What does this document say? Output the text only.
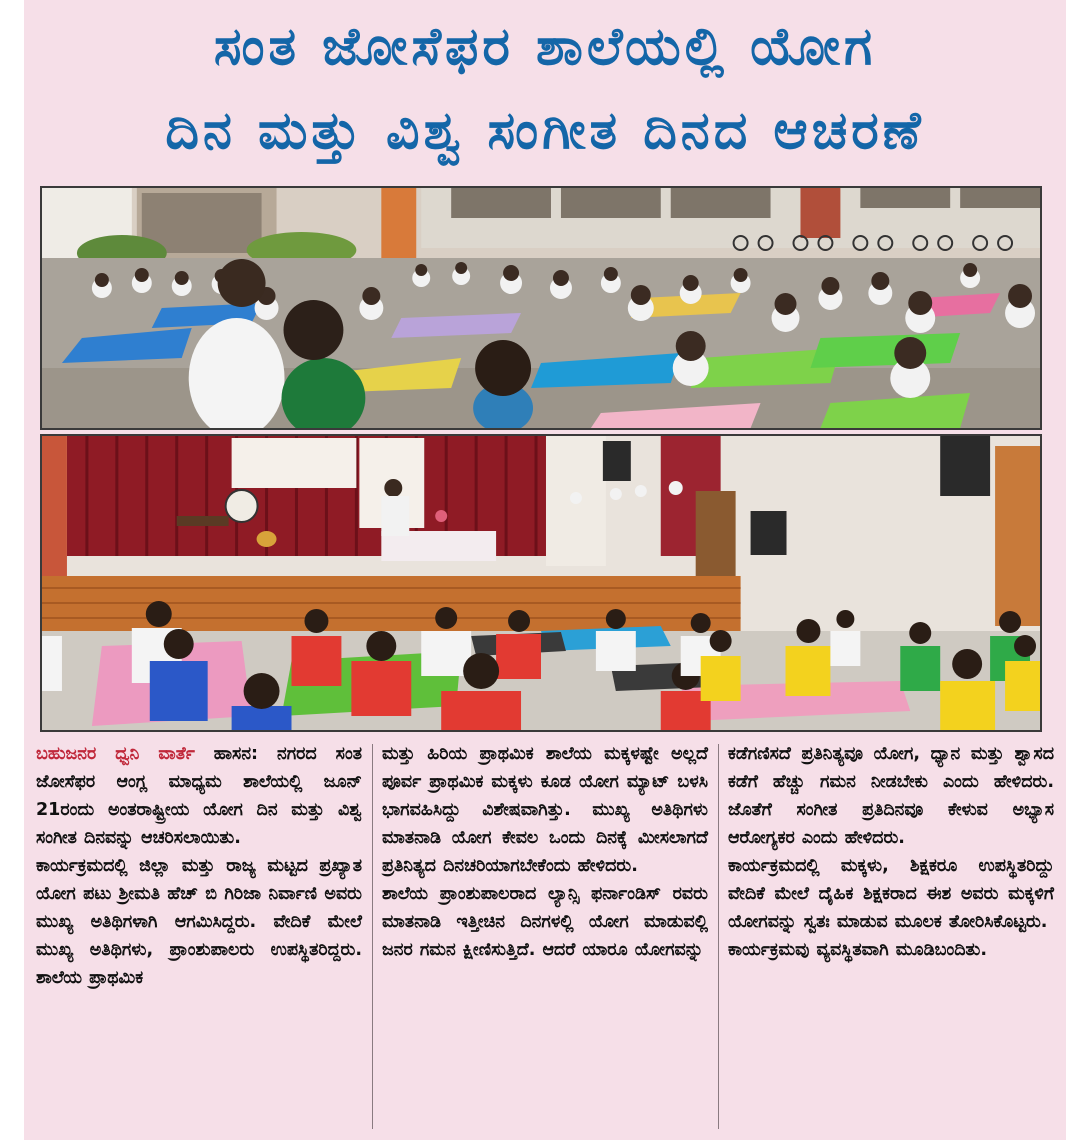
ಸಂತ ಜೋಸೆಫರ ಶಾಲೆಯಲ್ಲಿ ಯೋಗ
ದಿನ ಮತ್ತು ವಿಶ್ವ ಸಂಗೀತ ದಿನದ ಆಚರಣೆ

ಬಹುಜನರ ಧ್ವನಿ ವಾರ್ತೆ ಹಾಸನ: ನಗರದ ಸಂತ ಜೋಸೆಫರ ಆಂಗ್ಲ ಮಾಧ್ಯಮ ಶಾಲೆಯಲ್ಲಿ ಜೂನ್ 21ರಂದು ಅಂತರಾಷ್ಟ್ರೀಯ ಯೋಗ ದಿನ ಮತ್ತು ವಿಶ್ವ ಸಂಗೀತ ದಿನವನ್ನು ಆಚರಿಸಲಾಯಿತು.

ಕಾರ್ಯಕ್ರಮದಲ್ಲಿ ಜಿಲ್ಲಾ ಮತ್ತು ರಾಜ್ಯ ಮಟ್ಟದ ಪ್ರಖ್ಯಾತ ಯೋಗ ಪಟು ಶ್ರೀಮತಿ ಹೆಚ್ ಬಿ ಗಿರಿಜಾ ನಿರ್ವಾಣಿ ಅವರು ಮುಖ್ಯ ಅತಿಥಿಗಳಾಗಿ ಆಗಮಿಸಿದ್ದರು. ವೇದಿಕೆ ಮೇಲೆ ಮುಖ್ಯ ಅತಿಥಿಗಳು, ಪ್ರಾಂಶುಪಾಲರು ಉಪಸ್ಥಿತರಿದ್ದರು. ಶಾಲೆಯ ಪ್ರಾಥಮಿಕ

ಮತ್ತು ಹಿರಿಯ ಪ್ರಾಥಮಿಕ ಶಾಲೆಯ ಮಕ್ಕಳಷ್ಟೇ ಅಲ್ಲದೆ ಪೂರ್ವ ಪ್ರಾಥಮಿಕ ಮಕ್ಕಳು ಕೂಡ ಯೋಗ ಮ್ಯಾಟ್ ಬಳಸಿ ಭಾಗವಹಿಸಿದ್ದು ವಿಶೇಷವಾಗಿತ್ತು. ಮುಖ್ಯ ಅತಿಥಿಗಳು ಮಾತನಾಡಿ ಯೋಗ ಕೇವಲ ಒಂದು ದಿನಕ್ಕೆ ಮೀಸಲಾಗದೆ ಪ್ರತಿನಿತ್ಯದ ದಿನಚರಿಯಾಗಬೇಕೆಂದು ಹೇಳಿದರು.

ಶಾಲೆಯ ಪ್ರಾಂಶುಪಾಲರಾದ ಲ್ಯಾನ್ಸಿ ಫರ್ನಾಂಡಿಸ್ ರವರು ಮಾತನಾಡಿ ಇತ್ತೀಚಿನ ದಿನಗಳಲ್ಲಿ ಯೋಗ ಮಾಡುವಲ್ಲಿ ಜನರ ಗಮನ ಕ್ಷೀಣಿಸುತ್ತಿದೆ. ಆದರೆ ಯಾರೂ ಯೋಗವನ್ನು

ಕಡೆಗಣಿಸದೆ ಪ್ರತಿನಿತ್ಯವೂ ಯೋಗ, ಧ್ಯಾನ ಮತ್ತು ಶ್ವಾಸದ ಕಡೆಗೆ ಹೆಚ್ಚು ಗಮನ ನೀಡಬೇಕು ಎಂದು ಹೇಳಿದರು. ಜೊತೆಗೆ ಸಂಗೀತ ಪ್ರತಿದಿನವೂ ಕೇಳುವ ಅಭ್ಯಾಸ ಆರೋಗ್ಯಕರ ಎಂದು ಹೇಳಿದರು.

ಕಾರ್ಯಕ್ರಮದಲ್ಲಿ ಮಕ್ಕಳು, ಶಿಕ್ಷಕರೂ ಉಪಸ್ಥಿತರಿದ್ದು ವೇದಿಕೆ ಮೇಲೆ ದೈಹಿಕ ಶಿಕ್ಷಕರಾದ ಈಶ ಅವರು ಮಕ್ಕಳಿಗೆ ಯೋಗವನ್ನು ಸ್ವತಃ ಮಾಡುವ ಮೂಲಕ ತೋರಿಸಿಕೊಟ್ಟರು.

ಕಾರ್ಯಕ್ರಮವು ವ್ಯವಸ್ಥಿತವಾಗಿ ಮೂಡಿಬಂದಿತು.
